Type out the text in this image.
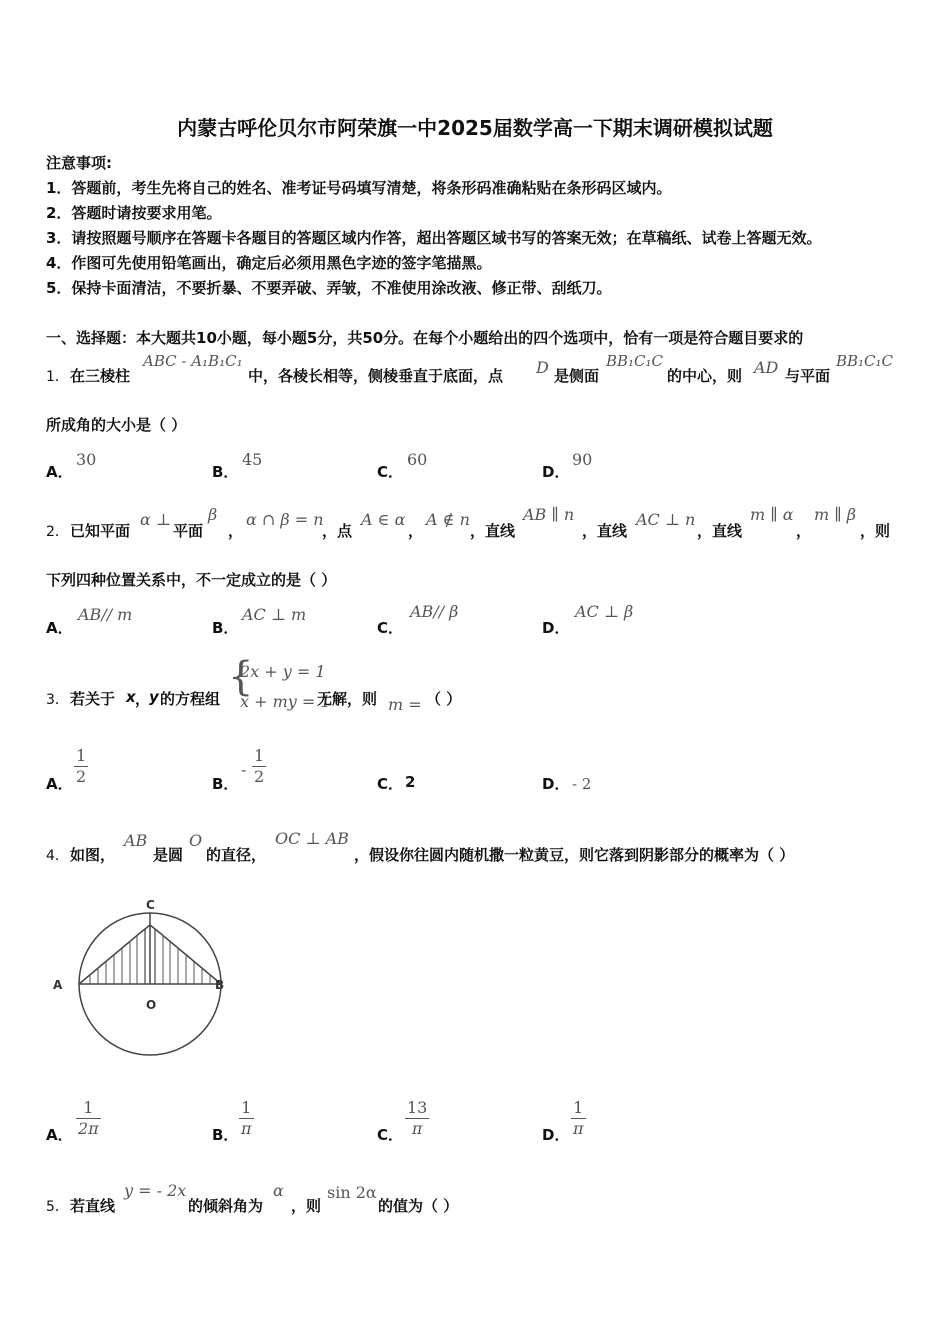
内蒙古呼伦贝尔市阿荣旗一中2025届数学高一下期末调研模拟试题
注意事项:
1．答题前，考生先将自己的姓名、准考证号码填写清楚，将条形码准确粘贴在条形码区域内。
2．答题时请按要求用笔。
3．请按照题号顺序在答题卡各题目的答题区域内作答，超出答题区域书写的答案无效；在草稿纸、试卷上答题无效。
4．作图可先使用铅笔画出，确定后必须用黑色字迹的签字笔描黑。
5．保持卡面清洁，不要折暴、不要弄破、弄皱，不准使用涂改液、修正带、刮纸刀。
一、选择题：本大题共10小题，每小题5分，共50分。在每个小题给出的四个选项中，恰有一项是符合题目要求的
1． 在三棱柱
ABC - A₁B₁C₁
中，各棱长相等，侧棱垂直于底面，点 D 是侧面
BB₁C₁C
的中心，则 AD 与平面
BB₁C₁C
所成角的大小是（ ）
A．
30
B．
45
C．
60
D．
90
2． 已知平面
α ⊥
平面
β
，
α ∩ β = n
，点
A ∈ α
，
A ∉ n
，直线
AB ∥ n
，直线
AC ⊥ n
，直线
m ∥ α
，
m ∥ β
，则
下列四种位置关系中，不一定成立的是（ ）
A．
AB// m
B．
AC ⊥ m
C．
AB// β
D．
AC ⊥ β
3． 若关于 x ，
y 的方程组 {
2x + y = 1
x + my = 1
无解，则 m = （ ）
A． $\frac{1}{2}$	B．
- $\frac{1}{2}$	C． 2	D． - 2
4． 如图，
AB
是圆
O
的直径，
OC ⊥ AB
，假设你往圆内随机撒一粒黄豆，则它落到阴影部分的概率为（ ）
C
A	B
O
A． $\frac{1}{2\pi}$	B． $\frac{1}{\pi}$	C． $\frac{13}{\pi}$	D． $\frac{1}{\pi}$
5． 若直线
y = - 2x
的倾斜角为
α
，则
sin 2α
的值为（ ）
